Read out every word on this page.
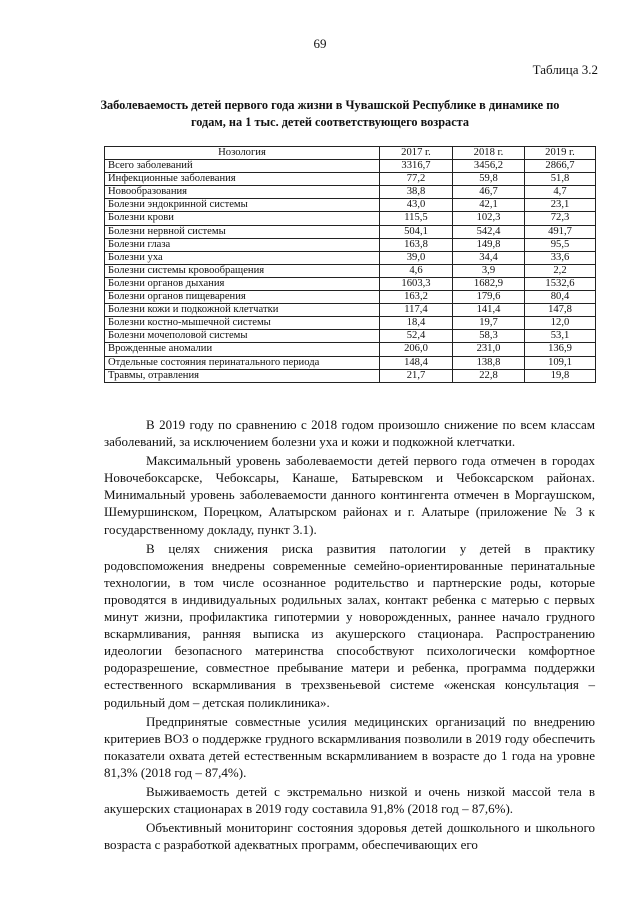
69
Таблица 3.2
Заболеваемость детей первого года жизни в Чувашской Республике в динамике по годам, на 1 тыс. детей соответствующего возраста
Нозология	2017 г.	2018 г.	2019 г.
Всего заболеваний	3316,7	3456,2	2866,7
Инфекционные заболевания	77,2	59,8	51,8
Новообразования	38,8	46,7	4,7
Болезни эндокринной системы	43,0	42,1	23,1
Болезни крови	115,5	102,3	72,3
Болезни нервной системы	504,1	542,4	491,7
Болезни глаза	163,8	149,8	95,5
Болезни уха	39,0	34,4	33,6
Болезни системы кровообращения	4,6	3,9	2,2
Болезни органов дыхания	1603,3	1682,9	1532,6
Болезни органов пищеварения	163,2	179,6	80,4
Болезни кожи и подкожной клетчатки	117,4	141,4	147,8
Болезни костно-мышечной системы	18,4	19,7	12,0
Болезни мочеполовой системы	52,4	58,3	53,1
Врожденные аномалии	206,0	231,0	136,9
Отдельные состояния перинатального периода	148,4	138,8	109,1
Травмы, отравления	21,7	22,8	19,8

В 2019 году по сравнению с 2018 годом произошло снижение по всем классам заболеваний, за исключением болезни уха и кожи и подкожной клетчатки.

Максимальный уровень заболеваемости детей первого года отмечен в городах Новочебоксарске, Чебоксары, Канаше, Батыревском и Чебоксарском районах. Минимальный уровень заболеваемости данного контингента отмечен в Моргаушском, Шемуршинском, Порецком, Алатырском районах и г. Алатыре (приложение № 3 к государственному докладу, пункт 3.1).

В целях снижения риска развития патологии у детей в практику родовспоможения внедрены современные семейно-ориентированные перинатальные технологии, в том числе осознанное родительство и партнерские роды, которые проводятся в индивидуальных родильных залах, контакт ребенка с матерью с первых минут жизни, профилактика гипотермии у новорожденных, раннее начало грудного вскармливания, ранняя выписка из акушерского стационара. Распространению идеологии безопасного материнства способствуют психологически комфортное родоразрешение, совместное пребывание матери и ребенка, программа поддержки естественного вскармливания в трехзвеньевой системе «женская консультация – родильный дом – детская поликлиника».

Предпринятые совместные усилия медицинских организаций по внедрению критериев ВОЗ о поддержке грудного вскармливания позволили в 2019 году обеспечить показатели охвата детей естественным вскармливанием в возрасте до 1 года на уровне 81,3% (2018 год – 87,4%).

Выживаемость детей с экстремально низкой и очень низкой массой тела в акушерских стационарах в 2019 году составила 91,8% (2018 год – 87,6%).

Объективный мониторинг состояния здоровья детей дошкольного и школьного возраста с разработкой адекватных программ, обеспечивающих его
